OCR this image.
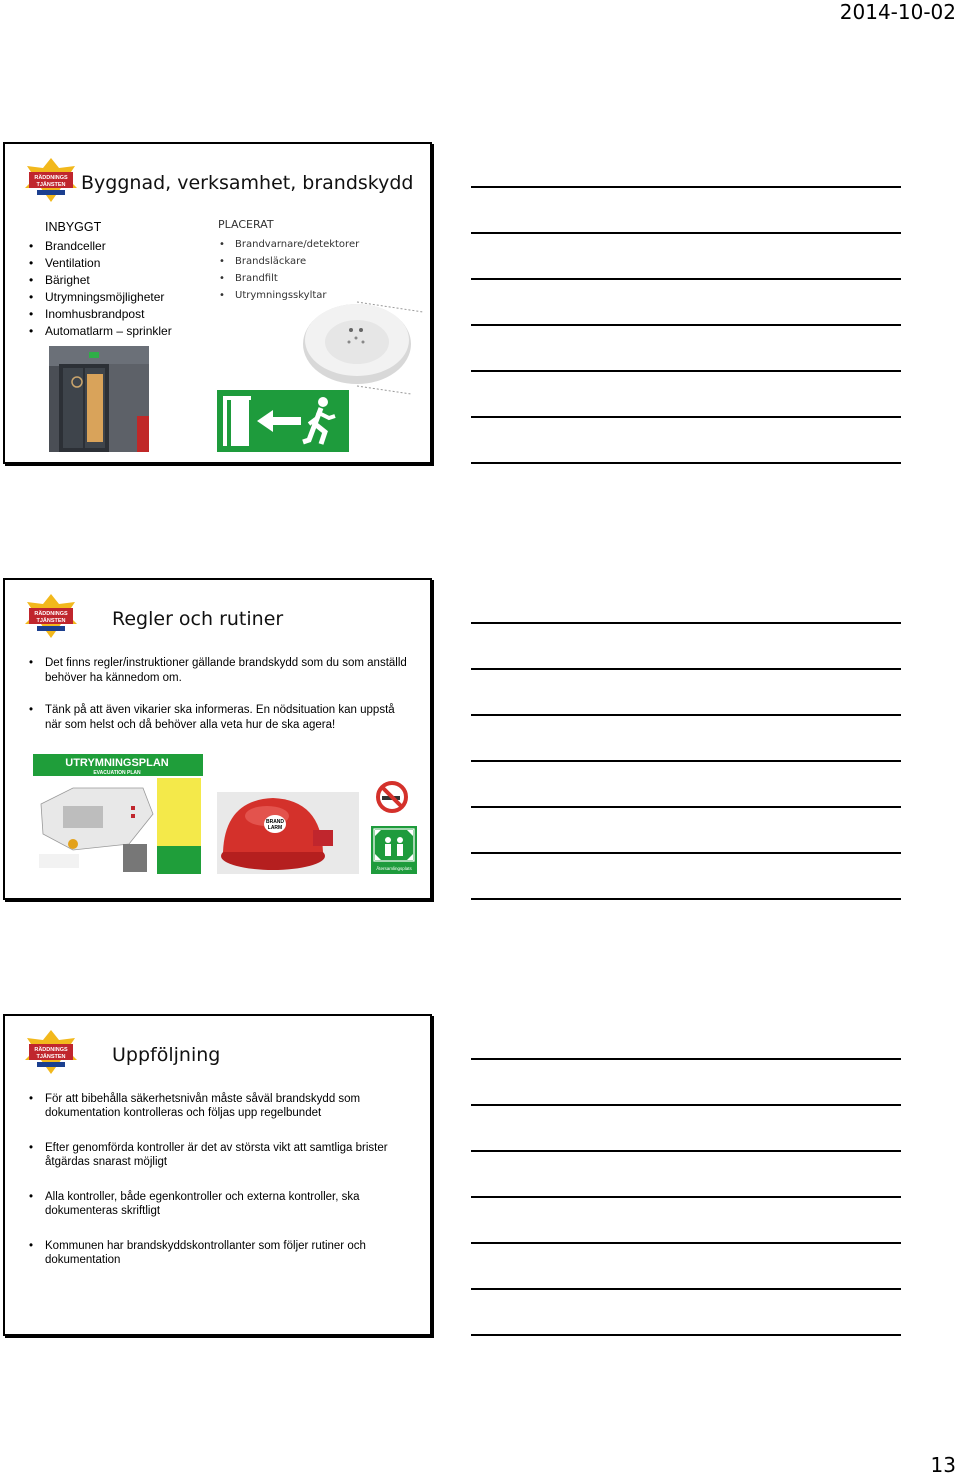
2014-10-02
RÄDDNINGS
TJÄNSTEN Byggnad, verksamhet, brandskydd
INBYGGT
• Brandceller
• Ventilation
• Bärighet
• Utrymningsmöjligheter
• Inomhusbrandpost
• Automatlarm – sprinkler
PLACERAT
• Brandvarnare/detektorer
• Brandsläckare
• Brandfilt
• Utrymningsskyltar
RÄDDNINGS
TJÄNSTEN Regler och rutiner
• Det finns regler/instruktioner gällande brandskydd som du som anställd behöver ha kännedom om.
• Tänk på att även vikarier ska informeras. En nödsituation kan uppstå när som helst och då behöver alla veta hur de ska agera!
UTRYMNINGSPLAN
EVACUATION PLAN
BRAND
LARM
Återsamlingsplats
RÄDDNINGS
TJÄNSTEN Uppföljning
• För att bibehålla säkerhetsnivån måste såväl brandskydd som dokumentation kontrolleras och följas upp regelbundet
• Efter genomförda kontroller är det av största vikt att samtliga brister åtgärdas snarast möjligt
• Alla kontroller, både egenkontroller och externa kontroller, ska dokumenteras skriftligt
• Kommunen har brandskyddskontrollanter som följer rutiner och dokumentation
13
